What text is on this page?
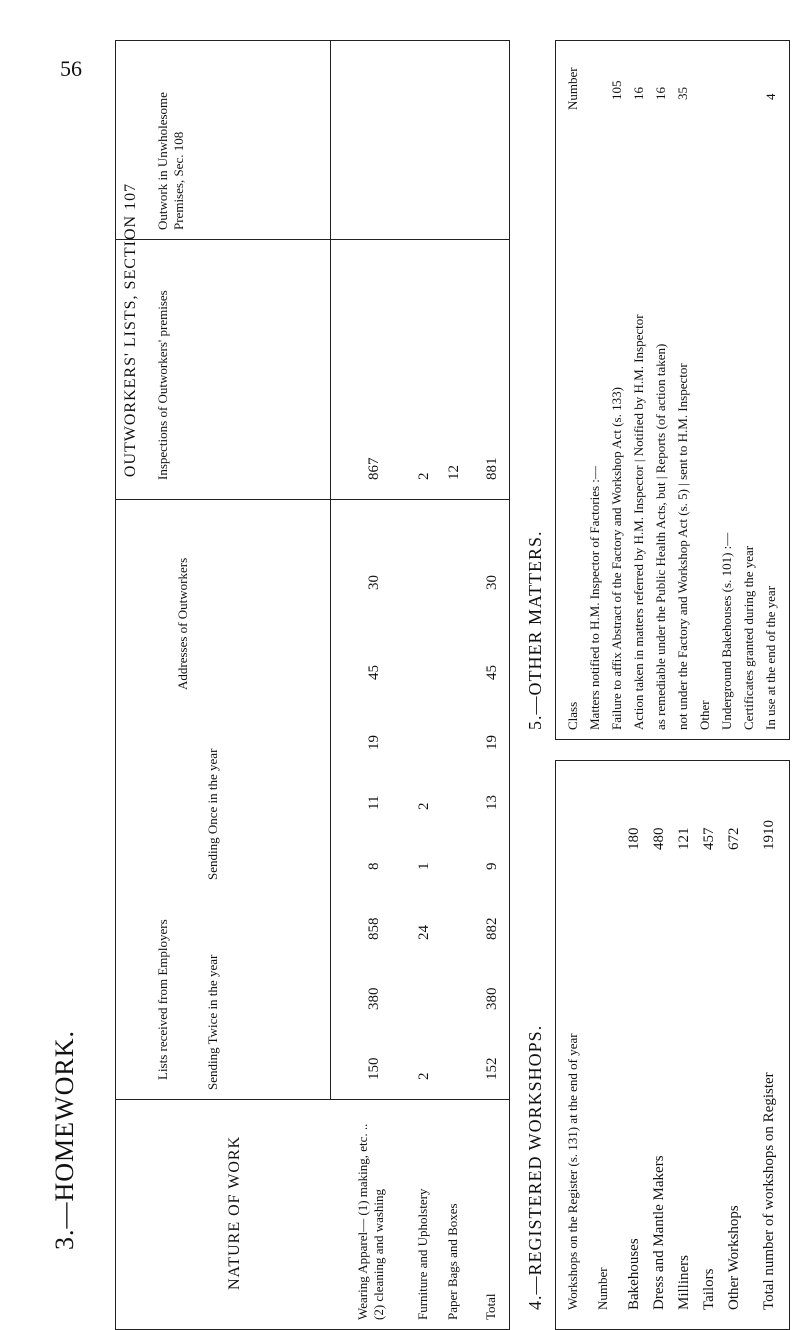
56
3.—HOMEWORK.
OUTWORKERS' LISTS, SECTION 107
NATURE OF WORK
Lists received from Employers	Sending Twice in the year
Sending Once in the year
Addresses of Outworkers
Inspections of Outworkers' premises
Outwork in Unwholesome Premises, Sec. 108
Wearing Apparel— (1) making, etc. .. (2) cleaning and washing Furniture and Upholstery Paper Bags and Boxes Total
150
380
858
8
11
19
45
30
867
2
24
1
2
2 12
152
380
882
9
13
19
45
30
881
4.—REGISTERED WORKSHOPS. Workshops on the Register (s. 131) at the end of year Number Bakehouses
180
Dress and Mantle Makers
480
Milliners
121
Tailors
457
Other Workshops
672
Total number of workshops on Register
1910
5.—OTHER MATTERS. Class
Number
Matters notified to H.M. Inspector of Factories :— Failure to affix Abstract of the Factory and Workshop Act (s. 133)
105
Action taken in matters referred by H.M. Inspector | Notified by H.M. Inspector
16
as remediable under the Public Health Acts, but | Reports (of action taken)
16
not under the Factory and Workshop Act (s. 5) | sent to H.M. Inspector
35
Other Underground Bakehouses (s. 101) :— Certificates granted during the year In use at the end of the year
4
